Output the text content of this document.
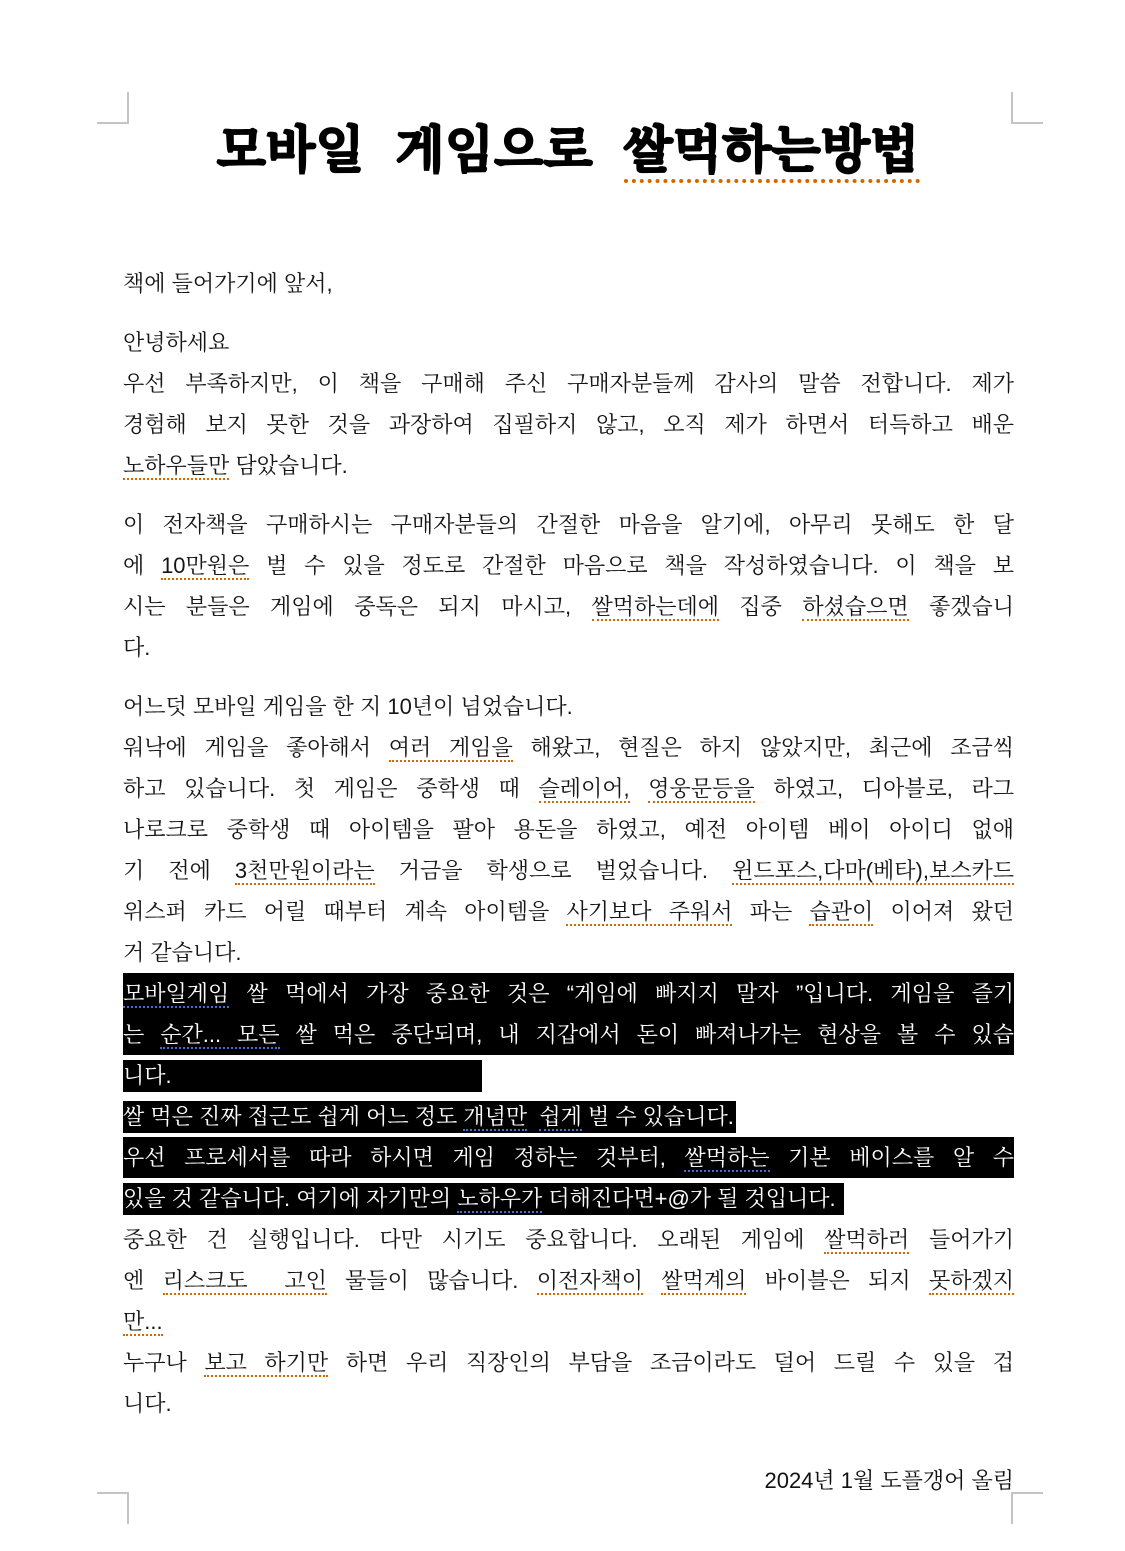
모바일 게임으로 쌀먹하는방법
책에 들어가기에 앞서,
안녕하세요
우선 부족하지만, 이 책을 구매해 주신 구매자분들께 감사의 말씀 전합니다. 제가
경험해 보지 못한 것을 과장하여 집필하지 않고, 오직 제가 하면서 터득하고 배운
노하우들만 담았습니다.
이 전자책을 구매하시는 구매자분들의 간절한 마음을 알기에, 아무리 못해도 한 달
에 10만원은 벌 수 있을 정도로 간절한 마음으로 책을 작성하였습니다. 이 책을 보
시는 분들은 게임에 중독은 되지 마시고, 쌀먹하는데에 집중 하셨습으면 좋겠습니
다.
어느덧 모바일 게임을 한 지 10년이 넘었습니다.
워낙에 게임을 좋아해서 여러 게임을 해왔고, 현질은 하지 않았지만, 최근에 조금씩
하고 있습니다. 첫 게임은 중학생 때 슬레이어, 영웅문등을 하였고, 디아블로, 라그
나로크로 중학생 때 아이템을 팔아 용돈을 하였고, 예전 아이템 베이 아이디 없애
기 전에 3천만원이라는 거금을 학생으로 벌었습니다. 윈드포스,다마(베타),보스카드
위스퍼 카드 어릴 때부터 계속 아이템을 사기보다 주워서 파는 습관이 이어져 왔던
거 같습니다.
모바일게임 쌀 먹에서 가장 중요한 것은 “게임에 빠지지 말자 ”입니다. 게임을 즐기
는 순간... 모든 쌀 먹은 중단되며, 내 지갑에서 돈이 빠져나가는 현상을 볼 수 있습
니다.
쌀 먹은 진짜 접근도 쉽게 어느 정도 개념만 쉽게 벌 수 있습니다.
우선 프로세서를 따라 하시면 게임 정하는 것부터, 쌀먹하는 기본 베이스를 알 수
있을 것 같습니다. 여기에 자기만의 노하우가 더해진다면+@가 될 것입니다.
중요한 건 실행입니다. 다만 시기도 중요합니다. 오래된 게임에 쌀먹하러 들어가기
엔 리스크도  고인 물들이 많습니다. 이전자책이 쌀먹계의 바이블은 되지 못하겠지
만...
누구나 보고 하기만 하면 우리 직장인의 부담을 조금이라도 덜어 드릴 수 있을 겁
니다.
2024년 1월 도플갱어 올림
